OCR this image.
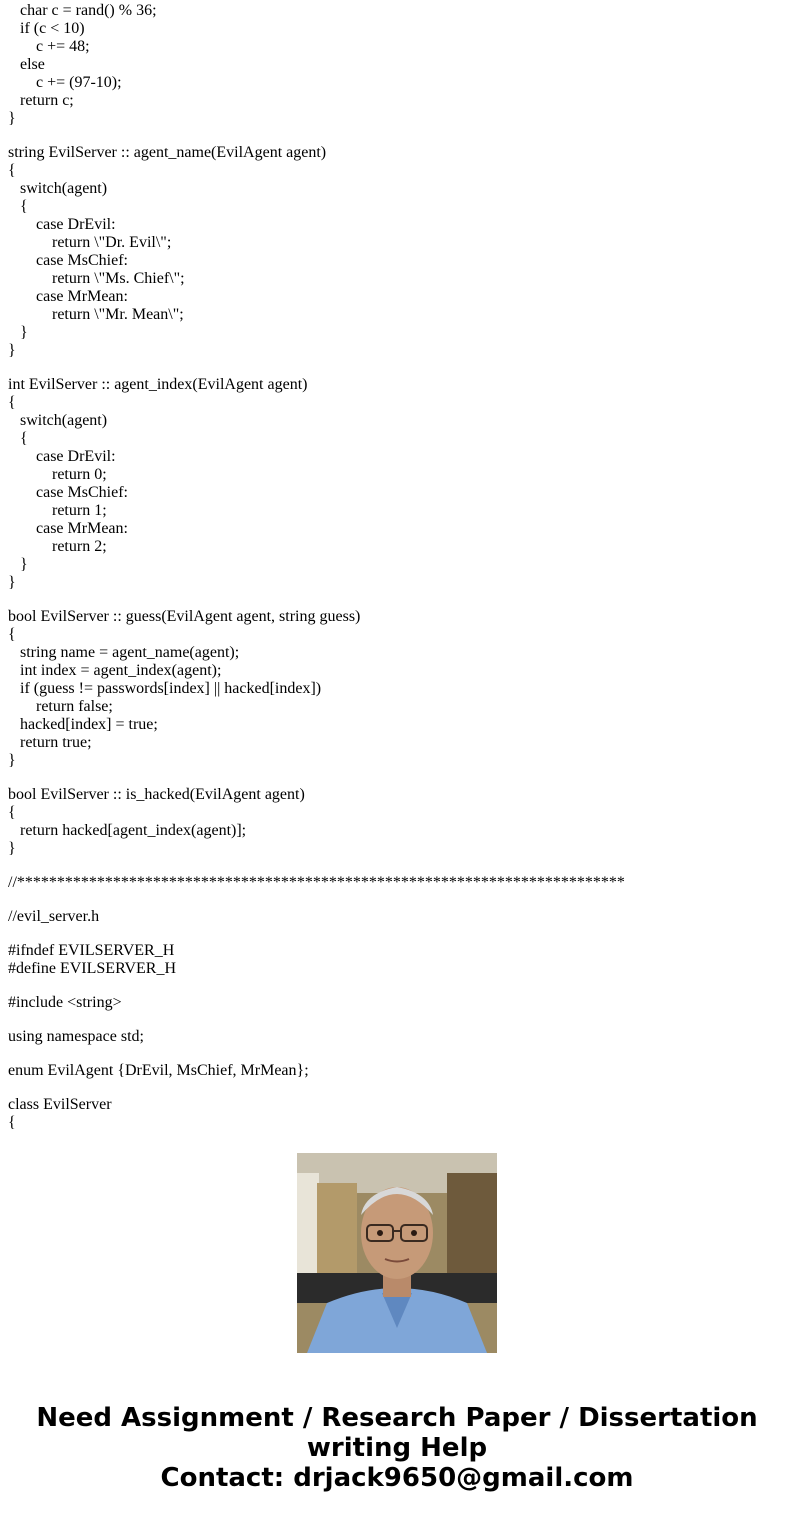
char c = rand() % 36;
if (c < 10)
c += 48;
else
c += (97-10);
return c;
}
string EvilServer :: agent_name(EvilAgent agent)
{
switch(agent)
{
case DrEvil:
return \"Dr. Evil\";
case MsChief:
return \"Ms. Chief\";
case MrMean:
return \"Mr. Mean\";
}
}
int EvilServer :: agent_index(EvilAgent agent)
{
switch(agent)
{
case DrEvil:
return 0;
case MsChief:
return 1;
case MrMean:
return 2;
}
}
bool EvilServer :: guess(EvilAgent agent, string guess)
{
string name = agent_name(agent);
int index = agent_index(agent);
if (guess != passwords[index] || hacked[index])
return false;
hacked[index] = true;
return true;
}
bool EvilServer :: is_hacked(EvilAgent agent)
{
return hacked[agent_index(agent)];
}
//****************************************************************************
//evil_server.h
#ifndef EVILSERVER_H
#define EVILSERVER_H
#include <string>
using namespace std;
enum EvilAgent {DrEvil, MsChief, MrMean};
class EvilServer
{
Need Assignment / Research Paper / Dissertation
writing Help
Contact: drjack9650@gmail.com
